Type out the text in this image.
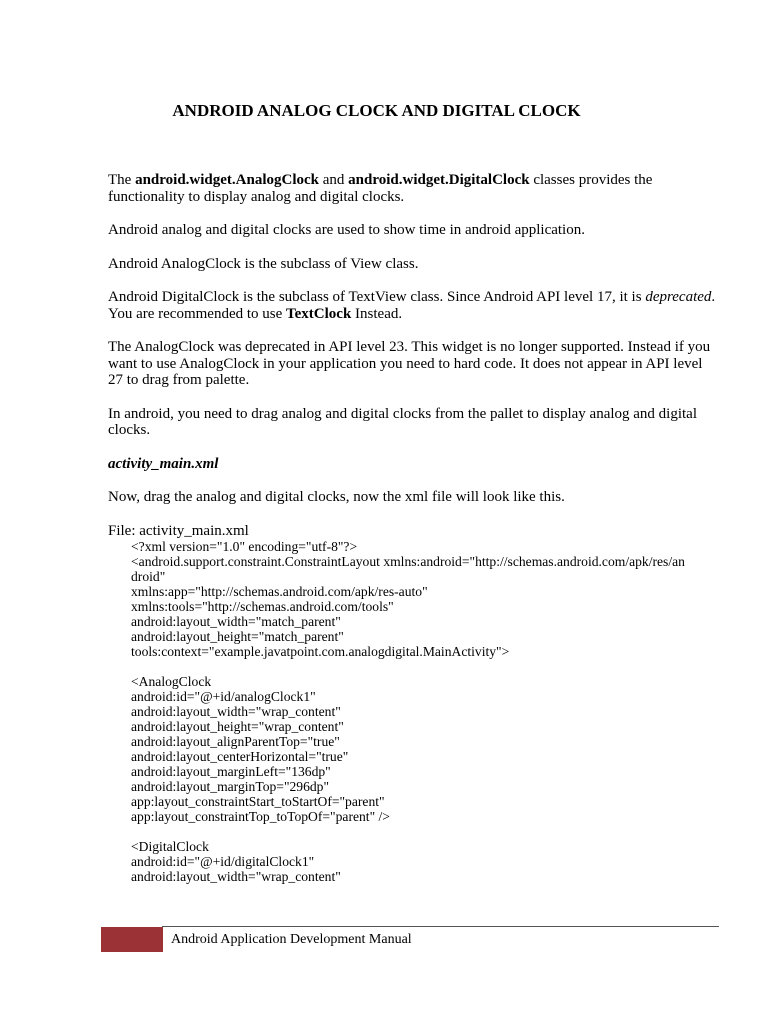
ANDROID ANALOG CLOCK AND DIGITAL CLOCK

The android.widget.AnalogClock and android.widget.DigitalClock classes provides the functionality to display analog and digital clocks.

Android analog and digital clocks are used to show time in android application.

Android AnalogClock is the subclass of View class.

Android DigitalClock is the subclass of TextView class. Since Android API level 17, it is deprecated. You are recommended to use TextClock Instead.

The AnalogClock was deprecated in API level 23. This widget is no longer supported. Instead if you want to use AnalogClock in your application you need to hard code. It does not appear in API level 27 to drag from palette.

In android, you need to drag analog and digital clocks from the pallet to display analog and digital clocks.

activity_main.xml

Now, drag the analog and digital clocks, now the xml file will look like this.

File: activity_main.xml
<?xml version="1.0" encoding="utf-8"?>
<android.support.constraint.ConstraintLayout xmlns:android="http://schemas.android.com/apk/res/an
droid"
xmlns:app="http://schemas.android.com/apk/res-auto"
xmlns:tools="http://schemas.android.com/tools"
android:layout_width="match_parent"
android:layout_height="match_parent"
tools:context="example.javatpoint.com.analogdigital.MainActivity">
<AnalogClock
android:id="@+id/analogClock1"
android:layout_width="wrap_content"
android:layout_height="wrap_content"
android:layout_alignParentTop="true"
android:layout_centerHorizontal="true"
android:layout_marginLeft="136dp"
android:layout_marginTop="296dp"
app:layout_constraintStart_toStartOf="parent"
app:layout_constraintTop_toTopOf="parent" />
<DigitalClock
android:id="@+id/digitalClock1"
android:layout_width="wrap_content"
Android Application Development Manual
